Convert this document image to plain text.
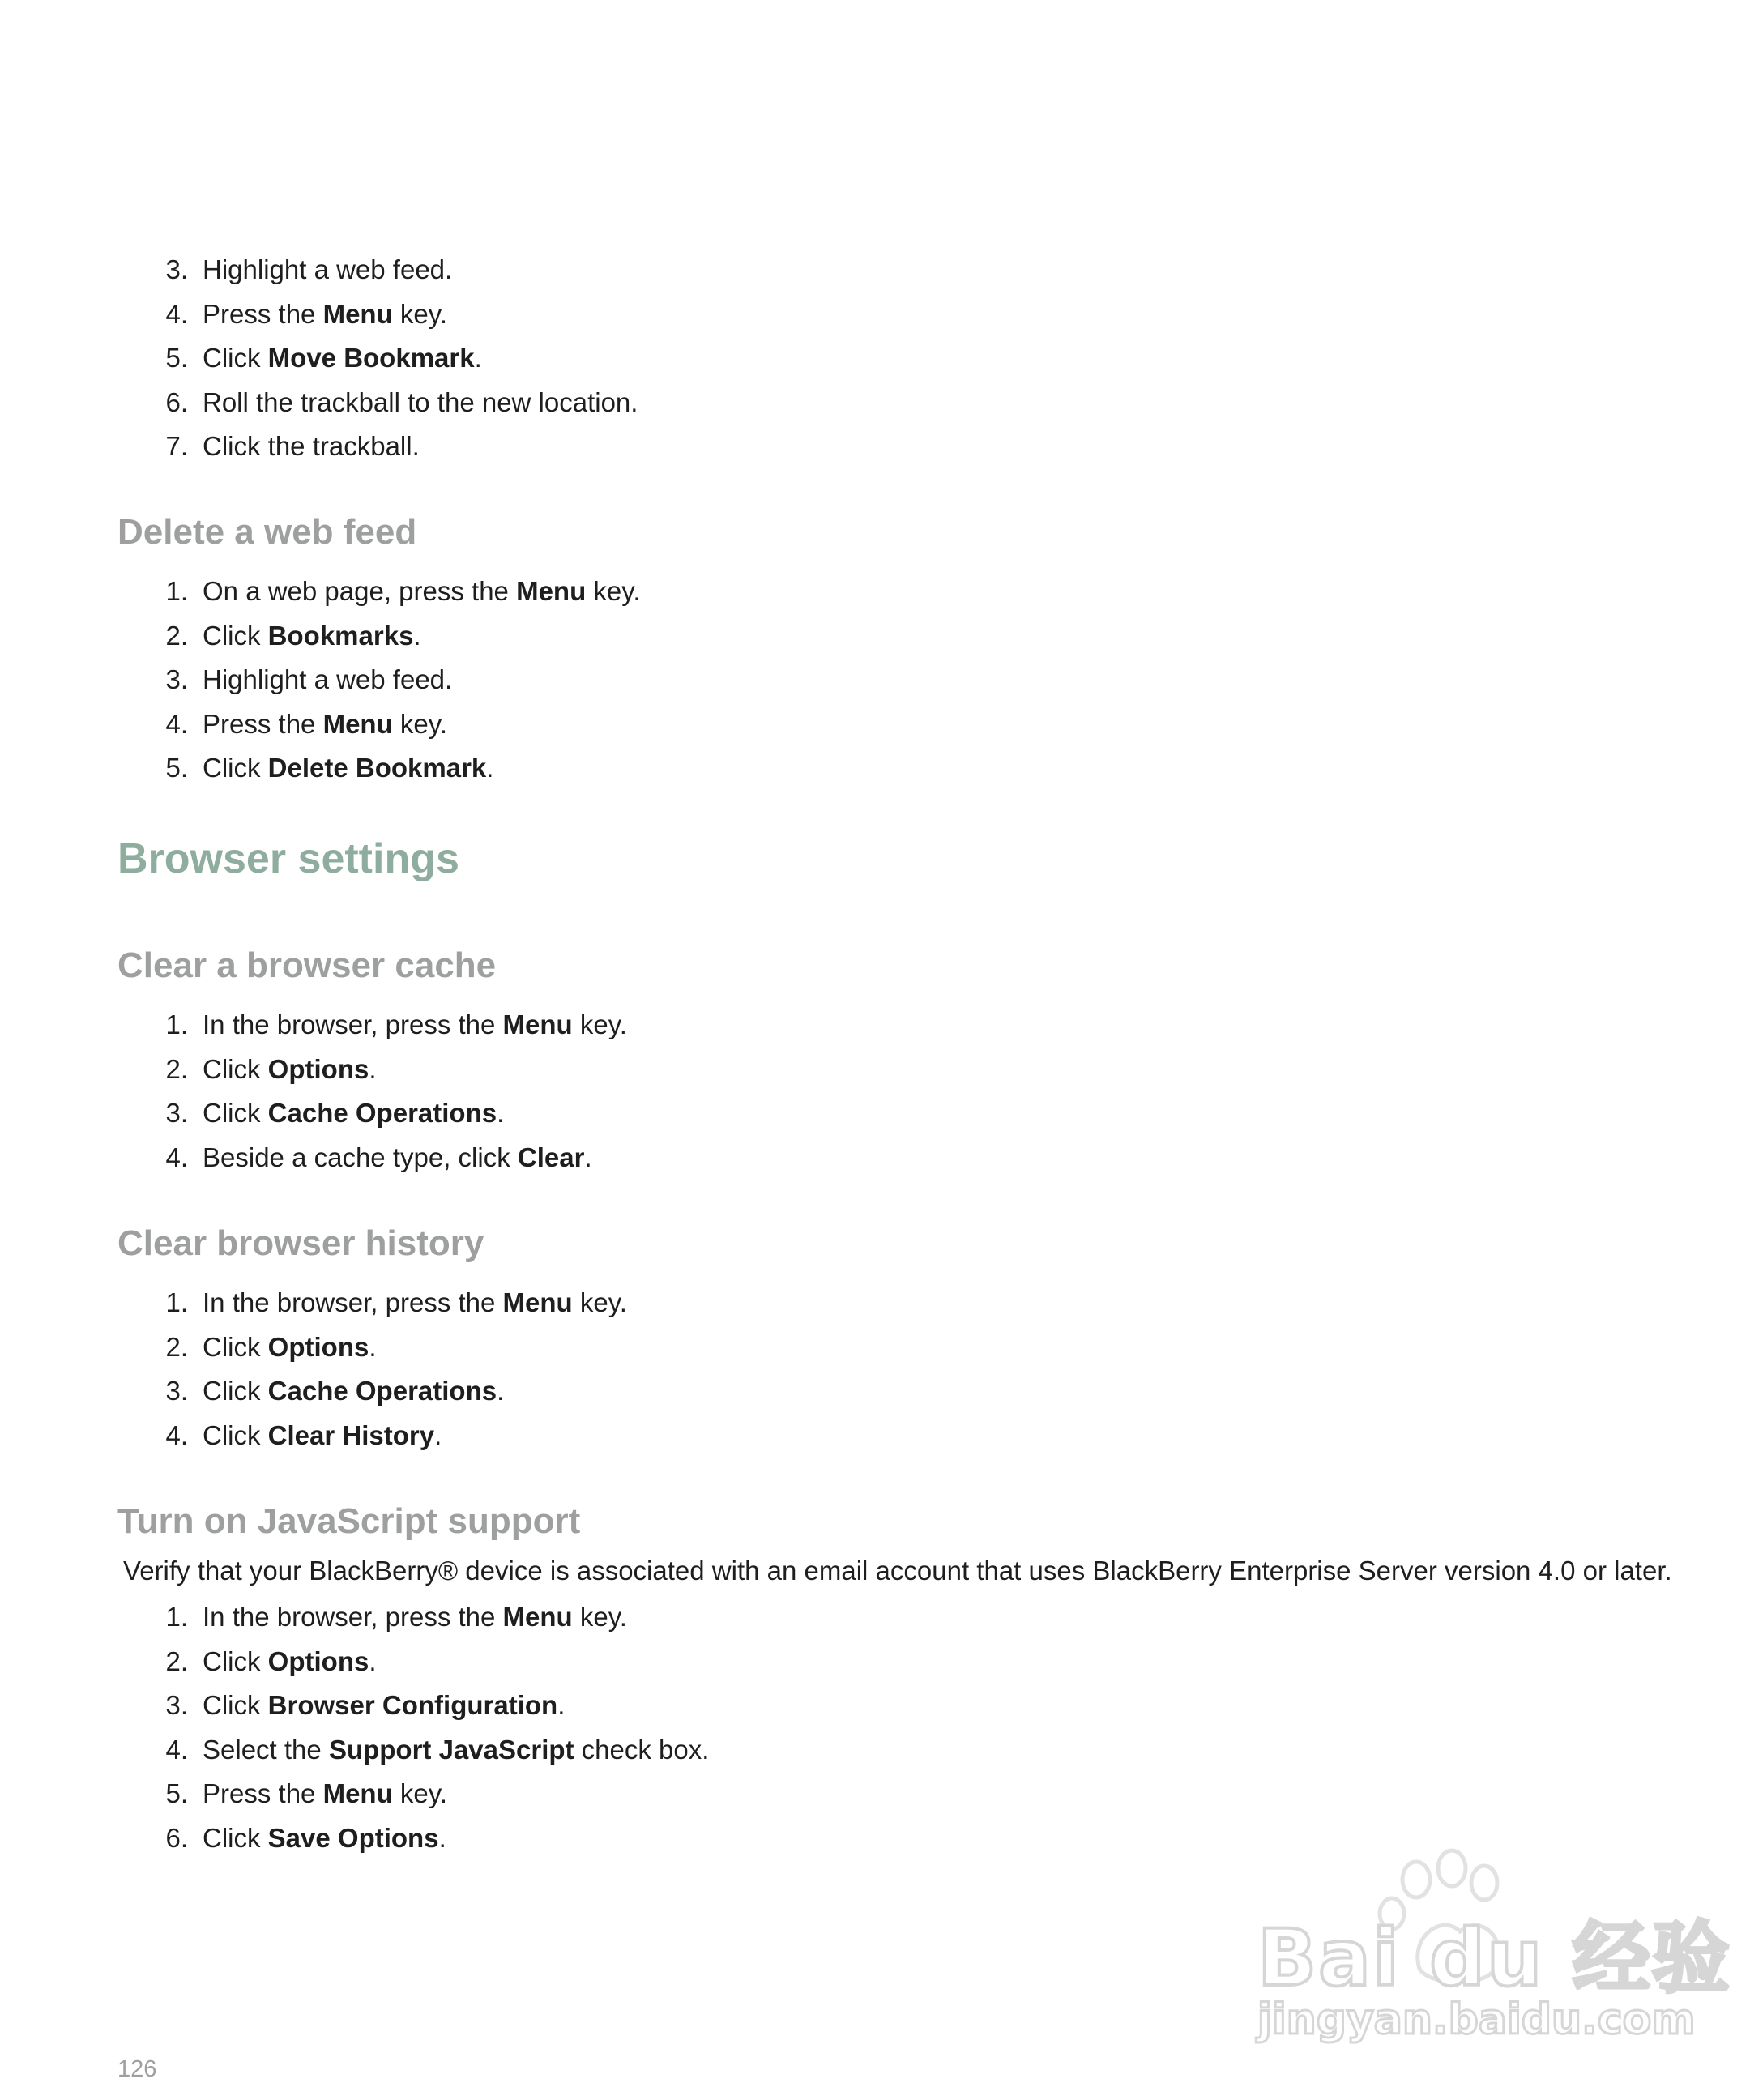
3. Highlight a web feed.
4. Press the Menu key.
5. Click Move Bookmark.
6. Roll the trackball to the new location.
7. Click the trackball.
Delete a web feed
1. On a web page, press the Menu key.
2. Click Bookmarks.
3. Highlight a web feed.
4. Press the Menu key.
5. Click Delete Bookmark.
Browser settings
Clear a browser cache
1. In the browser, press the Menu key.
2. Click Options.
3. Click Cache Operations.
4. Beside a cache type, click Clear.
Clear browser history
1. In the browser, press the Menu key.
2. Click Options.
3. Click Cache Operations.
4. Click Clear History.
Turn on JavaScript support
Verify that your BlackBerry® device is associated with an email account that uses BlackBerry Enterprise Server version 4.0 or later.
1. In the browser, press the Menu key.
2. Click Options.
3. Click Browser Configuration.
4. Select the Support JavaScript check box.
5. Press the Menu key.
6. Click Save Options.
126
Bai du 经验
jingyan.baidu.com
